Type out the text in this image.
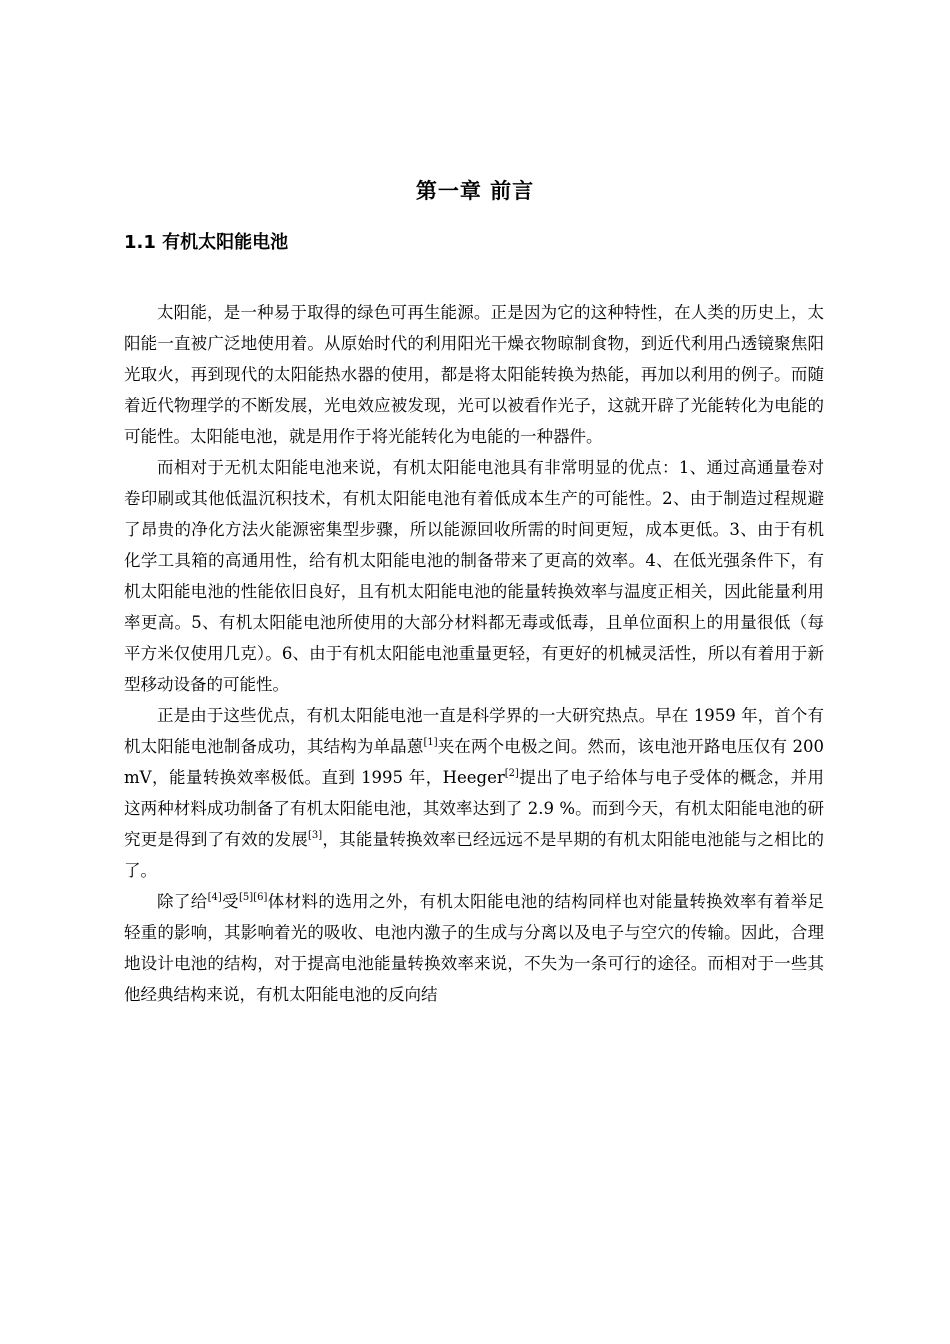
第一章 前言
1.1 有机太阳能电池

太阳能，是一种易于取得的绿色可再生能源。正是因为它的这种特性，在人类的历史上，太阳能一直被广泛地使用着。从原始时代的利用阳光干燥衣物晾制食物，到近代利用凸透镜聚焦阳光取火，再到现代的太阳能热水器的使用，都是将太阳能转换为热能，再加以利用的例子。而随着近代物理学的不断发展，光电效应被发现，光可以被看作光子，这就开辟了光能转化为电能的可能性。太阳能电池，就是用作于将光能转化为电能的一种器件。

而相对于无机太阳能电池来说，有机太阳能电池具有非常明显的优点：1、通过高通量卷对卷印刷或其他低温沉积技术，有机太阳能电池有着低成本生产的可能性。2、由于制造过程规避了昂贵的净化方法火能源密集型步骤，所以能源回收所需的时间更短，成本更低。3、由于有机化学工具箱的高通用性，给有机太阳能电池的制备带来了更高的效率。4、在低光强条件下，有机太阳能电池的性能依旧良好，且有机太阳能电池的能量转换效率与温度正相关，因此能量利用率更高。5、有机太阳能电池所使用的大部分材料都无毒或低毒，且单位面积上的用量很低（每平方米仅使用几克）。6、由于有机太阳能电池重量更轻，有更好的机械灵活性，所以有着用于新型移动设备的可能性。

正是由于这些优点，有机太阳能电池一直是科学界的一大研究热点。早在 1959 年，首个有机太阳能电池制备成功，其结构为单晶蒽[1]夹在两个电极之间。然而，该电池开路电压仅有 200 mV，能量转换效率极低。直到 1995 年，Heeger[2]提出了电子给体与电子受体的概念，并用这两种材料成功制备了有机太阳能电池，其效率达到了 2.9 %。而到今天，有机太阳能电池的研究更是得到了有效的发展[3]，其能量转换效率已经远远不是早期的有机太阳能电池能与之相比的了。

除了给[4]受[5][6]体材料的选用之外，有机太阳能电池的结构同样也对能量转换效率有着举足轻重的影响，其影响着光的吸收、电池内激子的生成与分离以及电子与空穴的传输。因此，合理地设计电池的结构，对于提高电池能量转换效率来说，不失为一条可行的途径。而相对于一些其他经典结构来说，有机太阳能电池的反向结
